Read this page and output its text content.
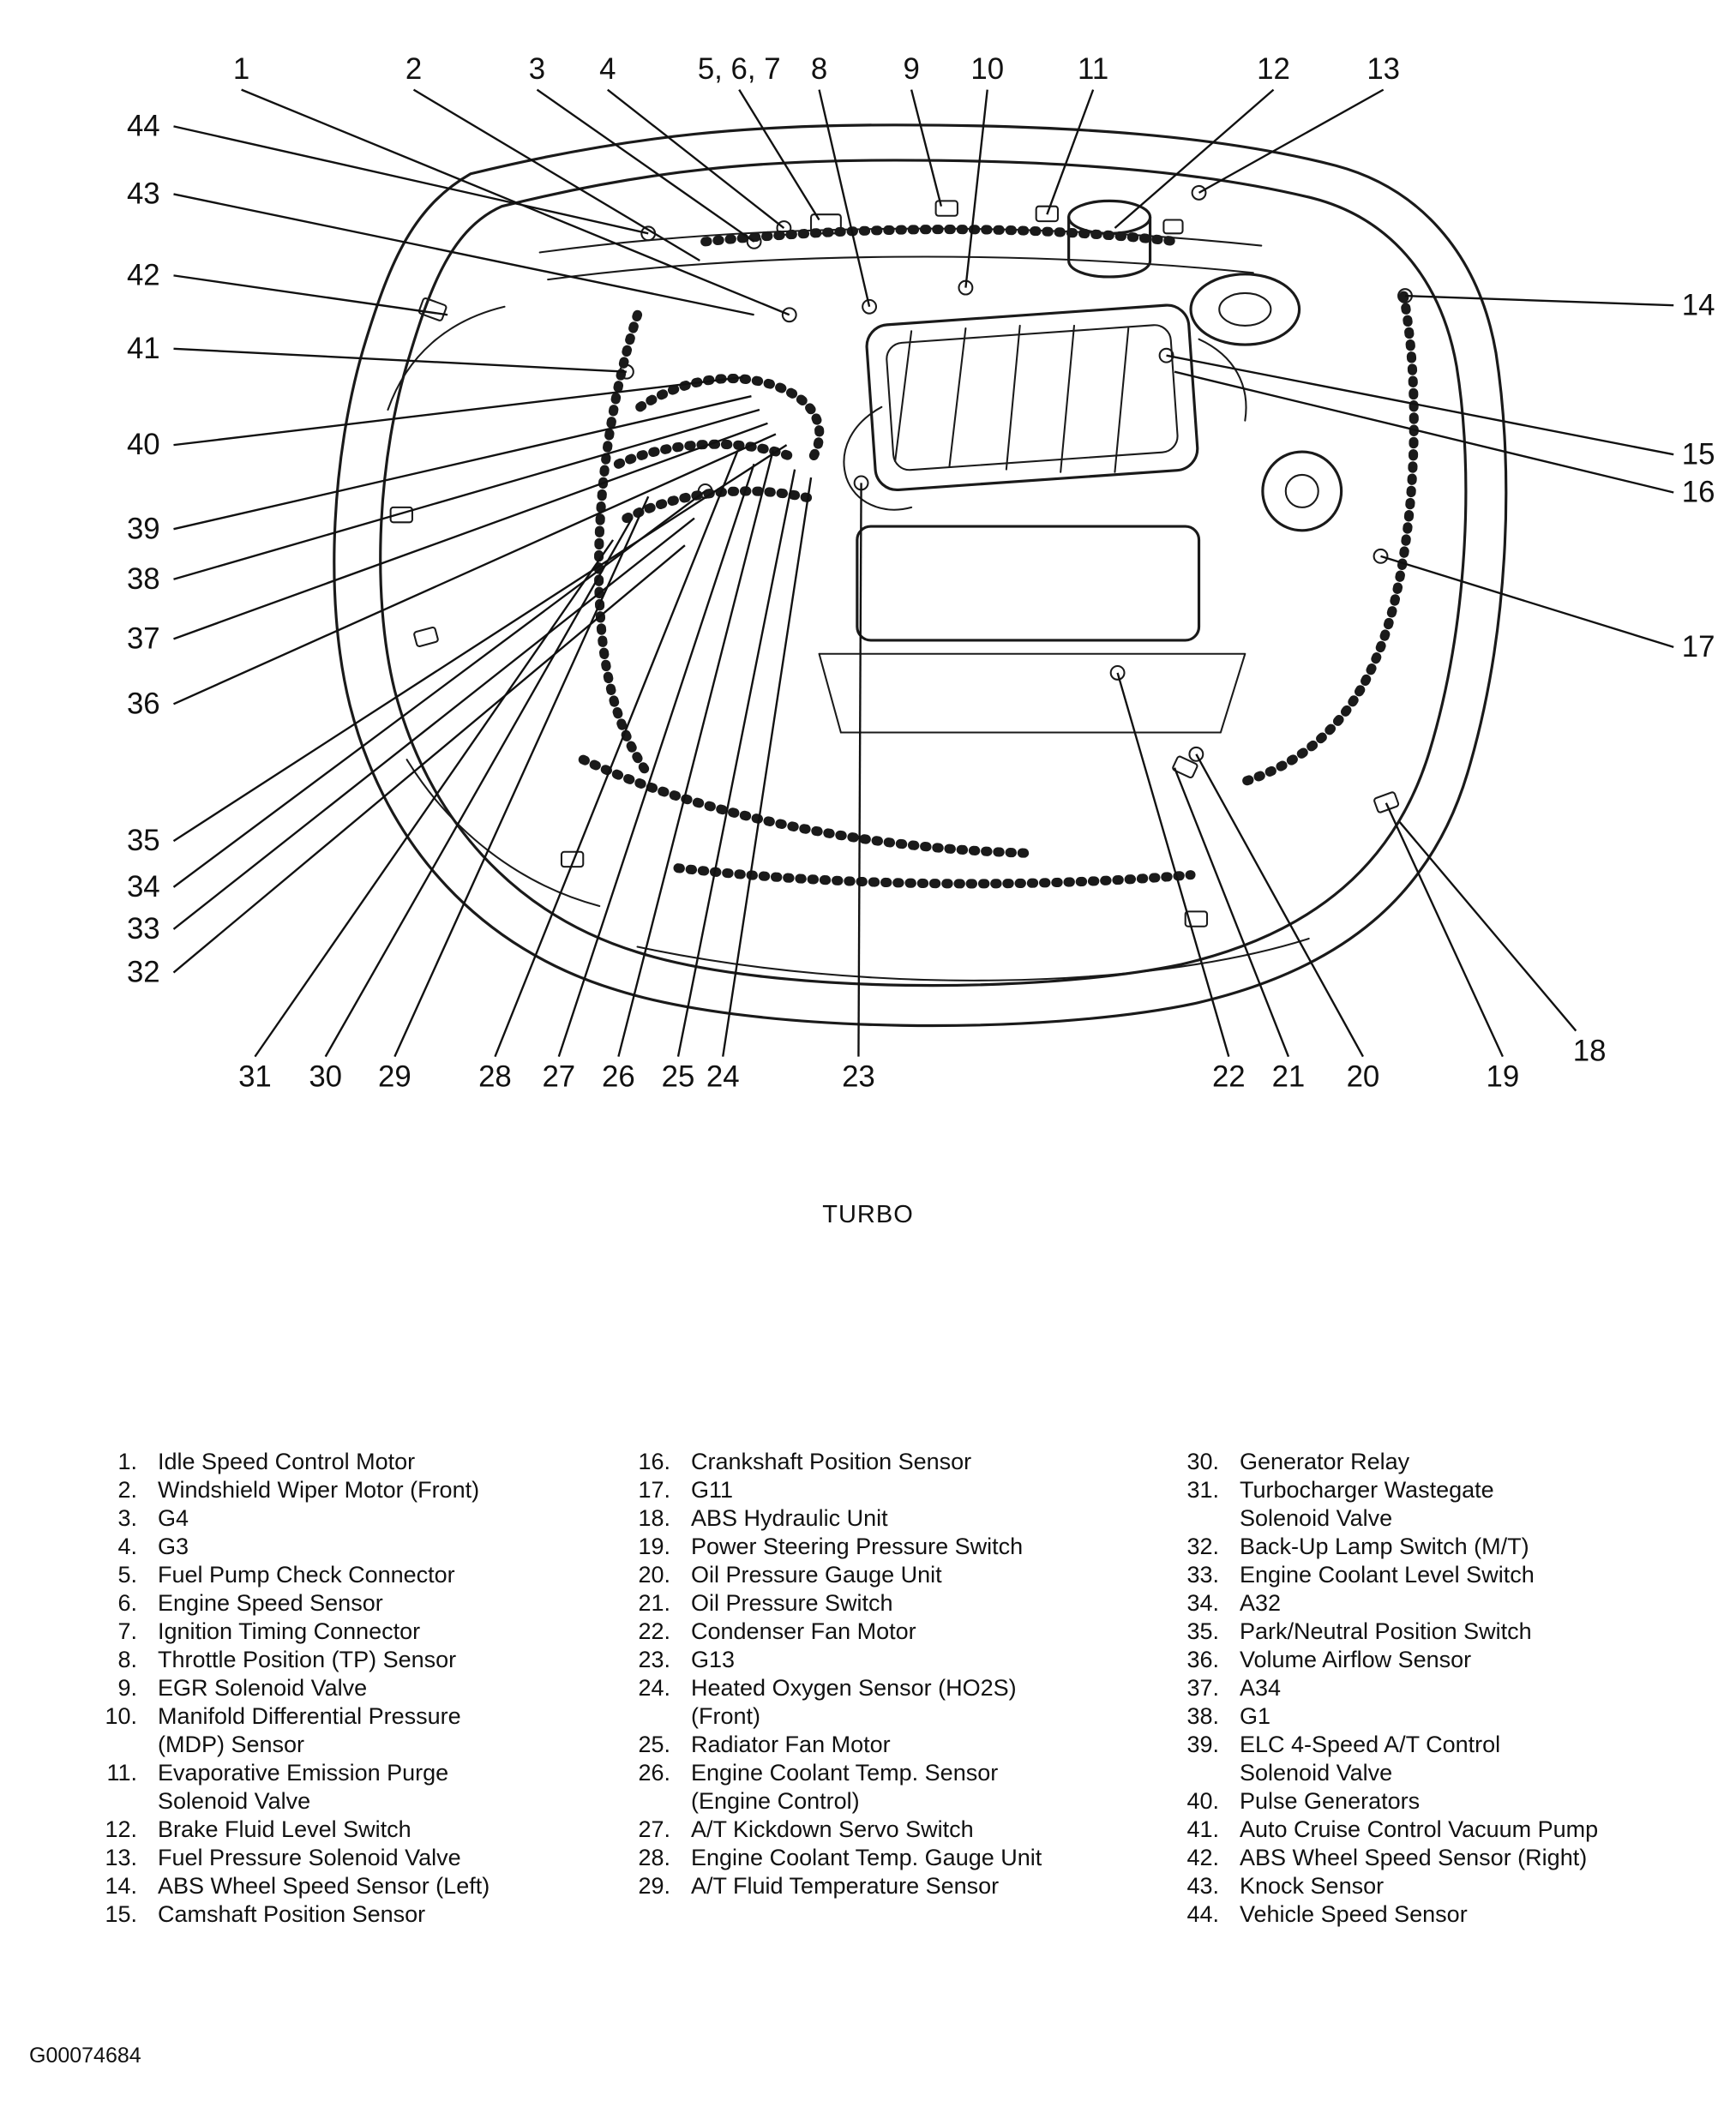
1	2	3	4	5, 6, 7 8	9	10	11	12	13
44
43
42
41
40
39
38
37
36
35
34
33
32
31 30 29	28 27 26 25 24	23	22 21 20	19
18
14
15
16
17
TURBO
1. Idle Speed Control Motor
2. Windshield Wiper Motor (Front)
3. G4
4. G3
5. Fuel Pump Check Connector
6. Engine Speed Sensor
7. Ignition Timing Connector
8. Throttle Position (TP) Sensor
9. EGR Solenoid Valve
10. Manifold Differential Pressure
(MDP) Sensor
11. Evaporative Emission Purge
Solenoid Valve
12. Brake Fluid Level Switch
13. Fuel Pressure Solenoid Valve
14. ABS Wheel Speed Sensor (Left)
15. Camshaft Position Sensor
16. Crankshaft Position Sensor
17. G11
18. ABS Hydraulic Unit
19. Power Steering Pressure Switch
20. Oil Pressure Gauge Unit
21. Oil Pressure Switch
22. Condenser Fan Motor
23. G13
24. Heated Oxygen Sensor (HO2S)
(Front)
25. Radiator Fan Motor
26. Engine Coolant Temp. Sensor
(Engine Control)
27. A/T Kickdown Servo Switch
28. Engine Coolant Temp. Gauge Unit
29. A/T Fluid Temperature Sensor
30. Generator Relay
31. Turbocharger Wastegate
Solenoid Valve
32. Back-Up Lamp Switch (M/T)
33. Engine Coolant Level Switch
34. A32
35. Park/Neutral Position Switch
36. Volume Airflow Sensor
37. A34
38. G1
39. ELC 4-Speed A/T Control
Solenoid Valve
40. Pulse Generators
41. Auto Cruise Control Vacuum Pump
42. ABS Wheel Speed Sensor (Right)
43. Knock Sensor
44. Vehicle Speed Sensor
G00074684
